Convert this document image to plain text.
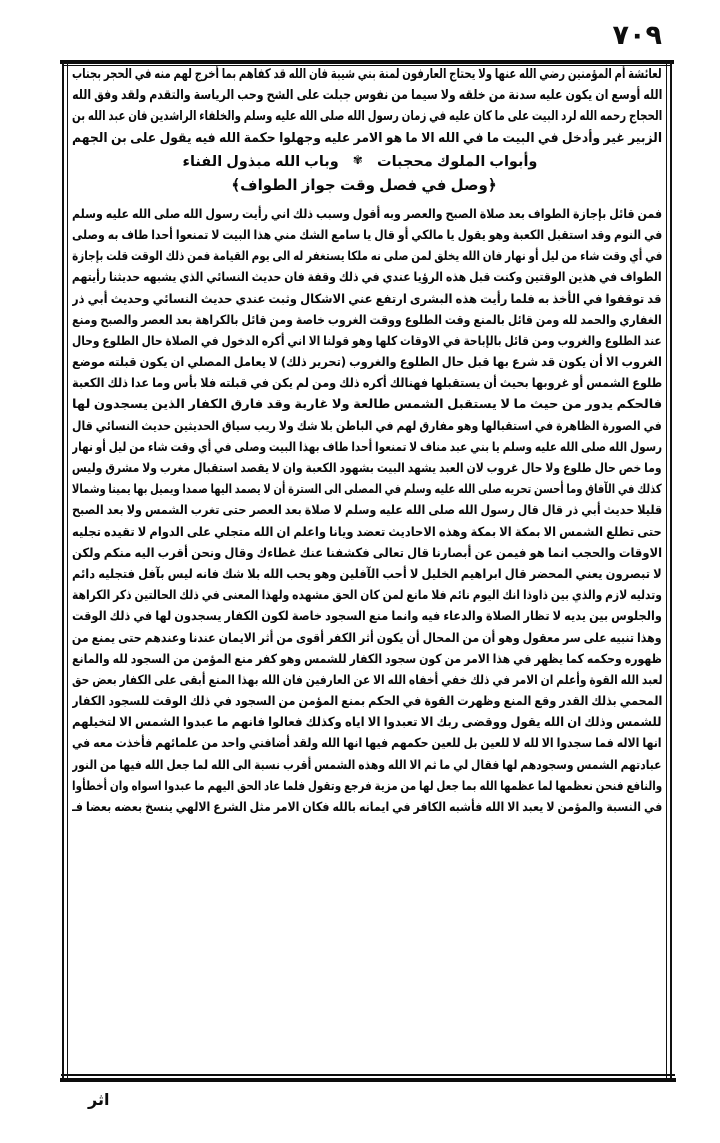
٧٠٩
لعائشة أم المؤمنين رضي الله عنها ولا يحتاج العارفون لمنة بني شيبة فان الله قد كفاهم بما أخرج لهم منه في الحجر بجناب
الله أوسع ان يكون عليه سدنة من خلقه ولا سيما من نفوس جبلت على الشح وحب الرياسة والتقدم ولقد وفق الله
الحجاج رحمه الله لرد البيت على ما كان عليه في زمان رسول الله صلى الله عليه وسلم والخلفاء الراشدين فان عبد الله بن
الزبير غير وأدخل في البيت ما في الله الا ما هو الامر عليه وجهلوا حكمة الله فيه يقول على بن الجهم
وأبواب الملوك محجبات✾وباب الله مبذول الفناء
﴿وصل في فصل وقت جواز الطواف﴾
فمن قائل بإجازة الطواف بعد صلاة الصبح والعصر وبه أقول وسبب ذلك اني رأيت رسول الله صلى الله عليه وسلم
في النوم وقد استقبل الكعبة وهو يقول يا مالكي أو قال يا سامع الشك مني هذا البيت لا تمنعوا أحدا طاف به وصلى
في أي وقت شاء من ليل أو نهار فان الله يخلق لمن صلى نه ملكا يستغفر له الى يوم القيامة فمن ذلك الوقت قلت بإجازة
الطواف في هذين الوقتين وكنت قبل هذه الرؤيا عندي في ذلك وقفة فان حديث النسائي الذي يشبهه حديثنا رأيتهم
قد توقفوا في الأخذ به فلما رأيت هذه البشرى ارتفع عني الاشكال وثبت عندي حديث النسائي وحديث أبي ذر
الغفاري والحمد لله ومن قائل بالمنع وقت الطلوع ووقت الغروب خاصة ومن قائل بالكراهة بعد العصر والصبح ومنع
عند الطلوع والغروب ومن قائل بالإباحة في الاوقات كلها وهو قولنا الا اني أكره الدخول في الصلاة حال الطلوع وحال
الغروب الا أن يكون قد شرع بها قبل حال الطلوع والغروب (تحرير ذلك) لا يعامل المصلي ان يكون قبلته موضع
طلوع الشمس أو غروبها بحيث أن يستقبلها فهنالك أكره ذلك ومن لم يكن في قبلته فلا بأس وما عدا ذلك الكعبة
فالحكم يدور من حيث ما لا يستقبل الشمس طالعة ولا غاربة وقد فارق الكفار الذين يسجدون لها
في الصورة الظاهرة في استقبالها وهو مفارق لهم في الباطن بلا شك ولا ريب سياق الحديثين حديث النسائي قال
رسول الله صلى الله عليه وسلم يا بني عبد مناف لا تمنعوا أحدا طاف بهذا البيت وصلى في أي وقت شاء من ليل أو نهار
وما خص حال طلوع ولا حال غروب لان العبد يشهد البيت بشهود الكعبة وان لا يقصد استقبال مغرب ولا مشرق وليس
كذلك في الآفاق وما أحسن تحريه صلى الله عليه وسلم في المصلى الى السترة أن لا يصمد اليها صمدا ويميل بها يمينا وشمالا
قليلا حديث أبي ذر قال قال رسول الله صلى الله عليه وسلم لا صلاة بعد العصر حتى تغرب الشمس ولا بعد الصبح
حتى تطلع الشمس الا بمكة الا بمكة وهذه الاحاديث تعضد ويانا واعلم ان الله متجلي على الدوام لا تقيده تجليه
الاوقات والحجب انما هو فيمن عن أبصارنا قال تعالى فكشفنا عنك غطاءك وقال ونحن أقرب اليه منكم ولكن
لا تبصرون يعني المحضر قال ابراهيم الخليل لا أحب الآفلين وهو يحب الله بلا شك فانه ليس بآفل فتجليه دائم
وتدليه لازم والذي بين ذاوذا انك اليوم نائم فلا مانع لمن كان الحق مشهده ولهذا المعنى في ذلك الحالتين ذكر الكراهة
والجلوس بين يديه لا تظار الصلاة والدعاء فيه وانما منع السجود خاصة لكون الكفار يسجدون لها في ذلك الوقت
وهذا تنبيه على سر معقول وهو أن من المحال أن يكون أثر الكفر أقوى من أثر الايمان عندنا وعندهم حتى يمنع من
ظهوره وحكمه كما يظهر في هذا الامر من كون سجود الكفار للشمس وهو كفر منع المؤمن من السجود لله والمانع
لعبد الله القوة وأعلم ان الامر في ذلك خفي أخفاه الله الا عن العارفين فان الله بهذا المنع أبقى على الكفار بعض حق
المحمي بذلك القدر وقع المنع وظهرت القوة في الحكم بمنع المؤمن من السجود في ذلك الوقت للسجود الكفار
للشمس وذلك ان الله يقول ووقضى ربك الا تعبدوا الا اياه وكذلك فعالوا فانهم ما عبدوا الشمس الا لتخيلهم
انها الاله فما سجدوا الا لله لا للعين بل للعين حكمهم فيها انها الله ولقد أضافني واحد من علمائهم فأخذت معه في
عبادتهم الشمس وسجودهم لها فقال لي ما ثم الا الله وهذه الشمس أقرب نسبة الى الله لما جعل الله فيها من النور
والنافع فنحن نعظمها لما عظمها الله بما جعل لها من مزية فرجع وتقول فلما عاد الحق اليهم ما عبدوا اسواه وان أخطأوا
في النسبة والمؤمن لا يعبد الا الله فأشبه الكافر في ايمانه بالله فكان الامر مثل الشرع الالهي ينسخ بعضه بعضا فـ
اثر
